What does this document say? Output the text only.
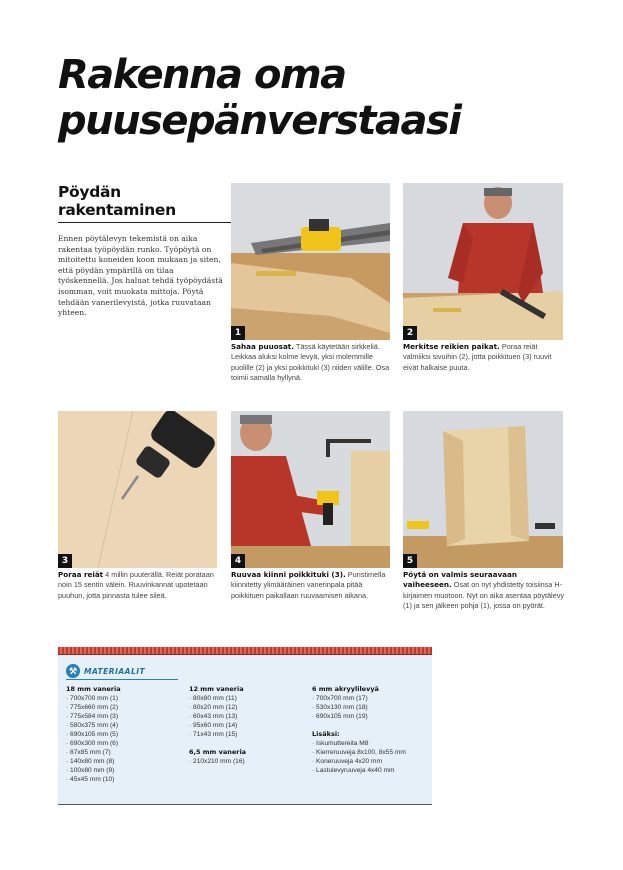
Rakenna oma puusepänverstaasi
Pöydän rakentaminen

Ennen pöytälevyn tekemistä on aika rakentaa työpöydän runko. Työpöytä on mitoitettu koneiden koon mukaan ja siten, että pöydän ympärillä on tilaa työskennellä. Jos haluat tehdä työpöydästä isomman, voit muokata mittoja. Pöytä tehdään vanerilevyistä, jotka ruuvataan yhteen.

1

Sahaa puuosat. Tässä käytetään sirkkeliä. Leikkaa aluksi kolme levyä, yksi molemmille puolille (2) ja yksi poikkituki (3) niiden välille. Osa toimii samalla hyllynä.

2

Merkitse reikien paikat. Poraa reiät valmiiksi sivuihin (2), jotta poikkituen (3) ruuvit eivät halkaise puuta.

3

Poraa reiät 4 millin puuterällä. Reiät porataan noin 15 sentin välein. Ruuvinkannat upotetaan puuhun, jotta pinnasta tulee sileä.

4

Ruuvaa kiinni poikkituki (3). Puristimella kiinnitetty ylimääräinen vanerinpala pitää poikkituen paikallaan ruuvaamisen aikana.

5

Pöytä on valmis seuraavaan vaiheeseen. Osat on nyt yhdistetty toisiinsa H-kirjaimen muotoon. Nyt on aika asentaa pöytälevy (1) ja sen jälkeen pohja (1), jossa on pyörät.

⚒ MATERIAALIT
18 mm vaneria
· 700x700 mm (1)
· 775x660 mm (2)
· 775x584 mm (3)
· 580x375 mm (4)
· 690x105 mm (5)
· 690x300 mm (6)
· 87x85 mm (7)
· 140x80 mm (8)
· 100x80 mm (9)
· 45x45 mm (10)
12 mm vaneria
· 80x80 mm (11)
· 80x20 mm (12)
· 60x43 mm (13)
· 95x60 mm (14)
· 71x43 mm (15)
6,5 mm vaneria
· 210x210 mm (16)
6 mm akryylilevyä
· 700x700 mm (17)
· 530x130 mm (18)
· 690x105 mm (19)
Lisäksi:
· Iskumuttereita M8
· Kierreruuveja 8x100, 8x55 mm
· Koneruuveja 4x20 mm
· Lastulevyruuveja 4x40 mm
